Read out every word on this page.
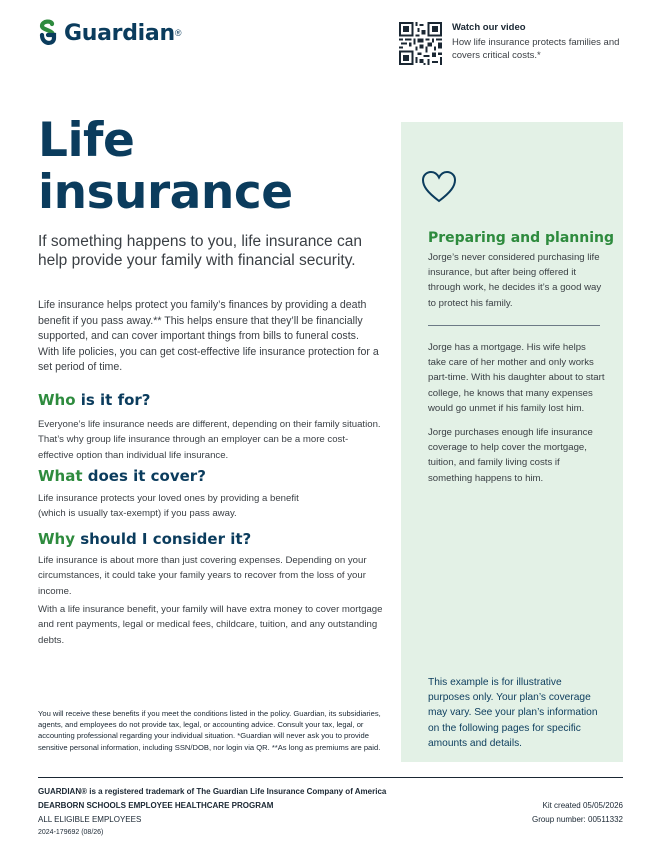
Guardian ®	Watch our video
How life insurance protects families and covers critical costs.*
Life
insurance
If something happens to you, life insurance can help provide your family with financial security.
Life insurance helps protect you family’s finances by providing a death benefit if you pass away.** This helps ensure that they’ll be financially supported, and can cover important things from bills to funeral costs. With life policies, you can get cost-effective life insurance protection for a set period of time.
Who is it for?
Everyone’s life insurance needs are different, depending on their family situation. That’s why group life insurance through an employer can be a more cost-effective option than individual life insurance.
What does it cover?
Life insurance protects your loved ones by providing a benefit (which is usually tax-exempt) if you pass away.
Why should I consider it?
Life insurance is about more than just covering expenses. Depending on your circumstances, it could take your family years to recover from the loss of your income.
With a life insurance benefit, your family will have extra money to cover mortgage and rent payments, legal or medical fees, childcare, tuition, and any outstanding debts.
Preparing and planning
Jorge’s never considered purchasing life insurance, but after being offered it through work, he decides it’s a good way to protect his family.
Jorge has a mortgage. His wife helps take care of her mother and only works part-time. With his daughter about to start college, he knows that many expenses would go unmet if his family lost him.
Jorge purchases enough life insurance coverage to help cover the mortgage, tuition, and family living costs if something happens to him.
This example is for illustrative purposes only. Your plan’s coverage may vary. See your plan’s information on the following pages for specific amounts and details.
You will receive these benefits if you meet the conditions listed in the policy. Guardian, its subsidiaries, agents, and employees do not provide tax, legal, or accounting advice. Consult your tax, legal, or accounting professional regarding your individual situation. *Guardian will never ask you to provide sensitive personal information, including SSN/DOB, nor login via QR. **As long as premiums are paid.
GUARDIAN® is a registered trademark of The Guardian Life Insurance Company of America
DEARBORN SCHOOLS EMPLOYEE HEALTHCARE PROGRAM
ALL ELIGIBLE EMPLOYEES
2024-179692 (08/26)
Kit created 05/05/2026
Group number: 00511332
